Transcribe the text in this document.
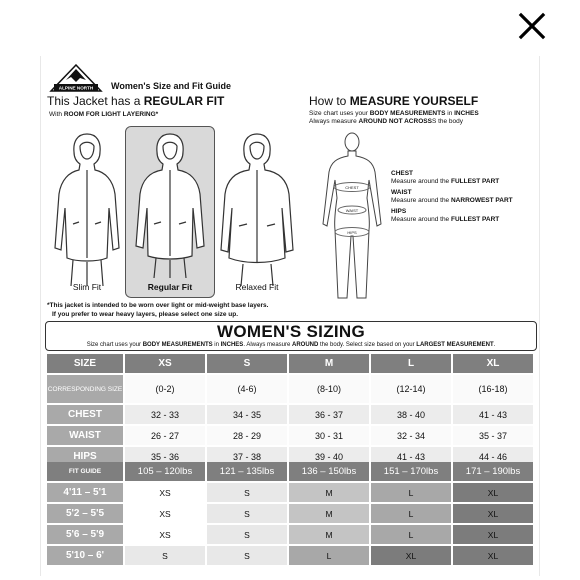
ALPINE NORTH Women's Size and Fit Guide
This Jacket has a REGULAR FIT
With ROOM FOR LIGHT LAYERING*
Slim Fit	Regular Fit	Relaxed Fit
How to MEASURE YOURSELF
Size chart uses your BODY MEASUREMENTS in INCHES
Always measure AROUND NOT ACROSSS the body
CHEST
WAIST
HIPS
CHEST
Measure around the FULLEST PART
WAIST
Measure around the NARROWEST PART
HIPS
Measure around the FULLEST PART
*This jacket is intended to be worn over light or mid-weight base layers.
If you prefer to wear heavy layers, please select one size up.
WOMEN'S SIZING
Size chart uses your BODY MEASUREMENTS in INCHES. Always measure AROUND the body. Select size based on your LARGEST MEASUREMENT.
SIZE	XS	S	M	L	XL
CORRESPONDING SIZE	(0-2)	(4-6)	(8-10)	(12-14)	(16-18)
CHEST	32 - 33	34 - 35	36 - 37	38 - 40	41 - 43
WAIST	26 - 27	28 - 29	30 - 31	32 - 34	35 - 37
HIPS	35 - 36	37 - 38	39 - 40	41 - 43	44 - 46
FIT GUIDE	105 – 120lbs	121 – 135lbs	136 – 150lbs	151 – 170lbs	171 – 190lbs
4'11 – 5'1	XS	S	M	L	XL
5'2 – 5'5	XS	S	M	L	XL
5'6 – 5'9	XS	S	M	L	XL
5'10 – 6'	S	S	L	XL	XL
